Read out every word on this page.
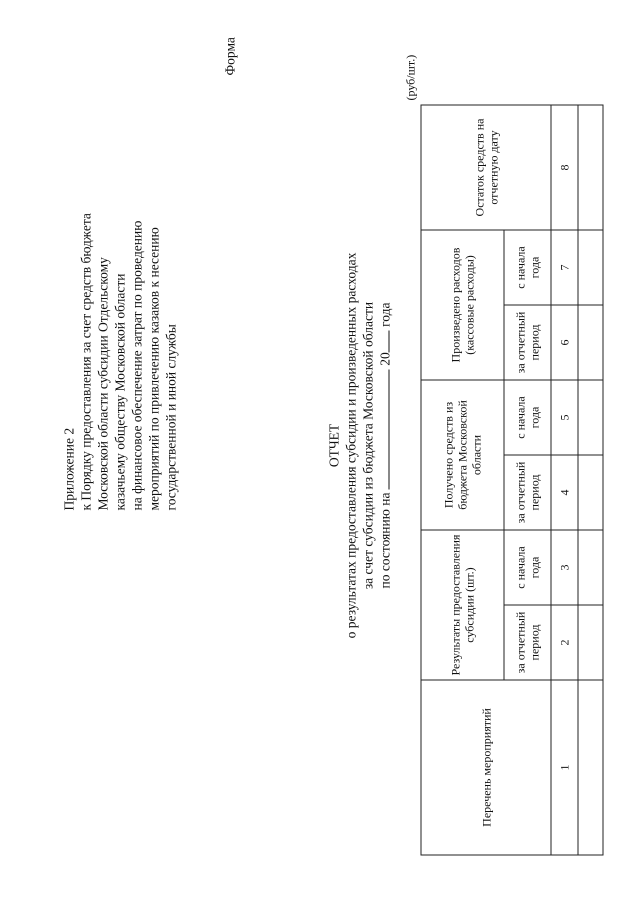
Приложение 2 к Порядку предоставления за счет средств бюджета Московской области субсидии Отдельскому казачьему обществу Московской области на финансовое обеспечение затрат по проведению мероприятий по привлечению казаков к несению государственной и иной службы
Форма
ОТЧЕТ о результатах предоставления субсидии и произведенных расходах за счет субсидии из бюджета Московской области по состоянию на  20 года
(руб/шт.)
Перечень мероприятий	Результаты предоставления субсидии (шт.)		Получено средств из бюджета Московской области		Произведено расходов (кассовые расходы)		Остаток средств на отчетную дату
	за отчетный период	с начала года	за отчетный период	с начала года	за отчетный период	с начала года	
1	2	3	4	5	6	7	8
